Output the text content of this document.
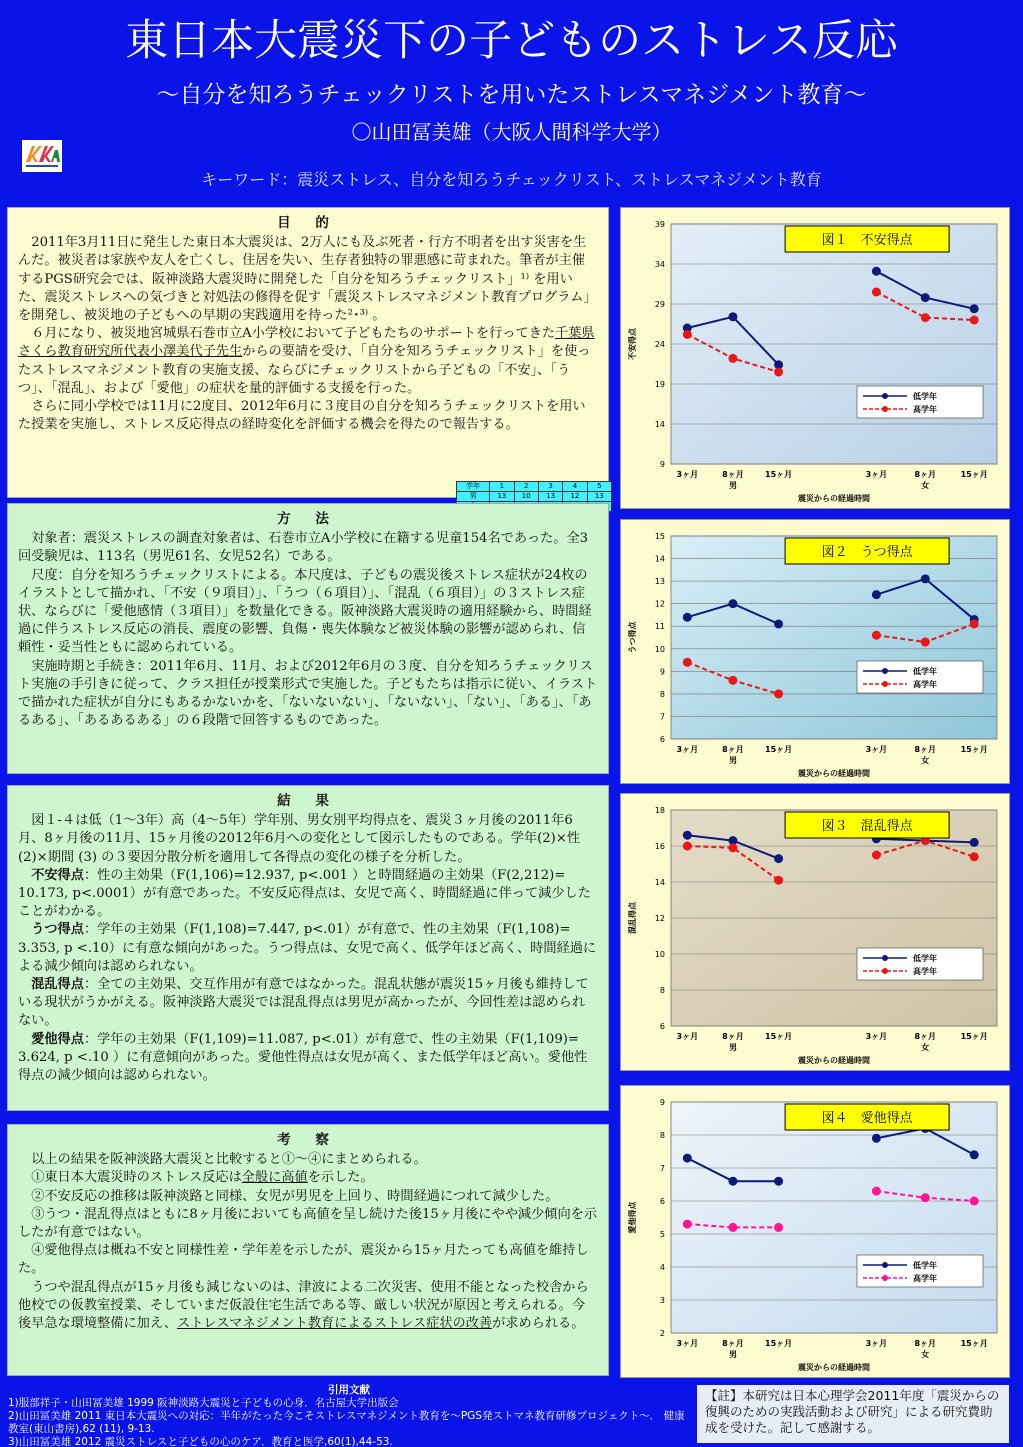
東日本大震災下の子どものストレス反応
～自分を知ろうチェックリストを用いたストレスマネジメント教育～
〇山田冨美雄（大阪人間科学大学）
キーワード：震災ストレス、自分を知ろうチェックリスト、ストレスマネジメント教育
目 的

2011年3月11日に発生した東日本大震災は、2万人にも及ぶ死者・行方不明者を出す災害を生んだ。被災者は家族や友人を亡くし、住居を失い、生存者独特の罪悪感に苛まれた。筆者が主催するPGS研究会では、阪神淡路大震災時に開発した「自分を知ろうチェックリスト」¹⁾ を用いた、震災ストレスへの気づきと対処法の修得を促す「震災ストレスマネジメント教育プログラム」を開発し、被災地の子どもへの早期の実践適用を待った²･³⁾ 。

６月になり、被災地宮城県石巻市立A小学校において子どもたちのサポートを行ってきた千葉県さくら教育研究所代表小澤美代子先生からの要請を受け、「自分を知ろうチェックリスト」を使ったストレスマネジメント教育の実施支援、ならびにチェックリストから子どもの「不安」、「うつ」、「混乱」、および「愛他」の症状を量的評価する支援を行った。

さらに同小学校では11月に2度目、2012年6月に３度目の自分を知ろうチェックリストを用いた授業を実施し、ストレス反応得点の経時変化を評価する機会を得たので報告する。

学年	1	2	3	4	5
男	13	10	13	12	13

方 法

対象者：震災ストレスの調査対象者は、石巻市立A小学校に在籍する児童154名であった。全3回受験児は、113名（男児61名、女児52名）である。

尺度：自分を知ろうチェックリストによる。本尺度は、子どもの震災後ストレス症状が24枚のイラストとして描かれ、「不安（９項目）」、「うつ（６項目）」、「混乱（６項目）」の３ストレス症状、ならびに「愛他感情（３項目）」を数量化できる。阪神淡路大震災時の適用経験から、時間経過に伴うストレス反応の消長、震度の影響、負傷・喪失体験など被災体験の影響が認められ、信頼性・妥当性ともに認められている。

実施時期と手続き：2011年6月、11月、および2012年6月の３度、自分を知ろうチェックリスト実施の手引きに従って、クラス担任が授業形式で実施した。子どもたちは指示に従い、イラストで描かれた症状が自分にもあるかないかを、「ないないない」、「ないない」、「ない」、「ある」、「あるある」、「あるあるある」の６段階で回答するものであった。

結 果

図１-４は低（1～3年）高（4～5年）学年別、男女別平均得点を、震災３ヶ月後の2011年6月、8ヶ月後の11月、15ヶ月後の2012年6月への変化として図示したものである。学年(2)×性(2)×期間 (3) の３要因分散分析を適用して各得点の変化の様子を分析した。

不安得点：性の主効果（F(1,106)=12.937, p<.001 ）と時間経過の主効果（F(2,212)= 10.173, p<.0001）が有意であった。不安反応得点は、女児で高く、時間経過に伴って減少したことがわかる。

うつ得点：学年の主効果（F(1,108)=7.447, p<.01）が有意で、性の主効果（F(1,108)= 3.353, p <.10）に有意な傾向があった。うつ得点は、女児で高く、低学年ほど高く、時間経過による減少傾向は認められない。

混乱得点：全ての主効果、交互作用が有意ではなかった。混乱状態が震災15ヶ月後も維持している現状がうかがえる。阪神淡路大震災では混乱得点は男児が高かったが、今回性差は認められない。

愛他得点：学年の主効果（F(1,109)=11.087, p<.01）が有意で、性の主効果（F(1,109)= 3.624, p <.10 ）に有意傾向があった。愛他性得点は女児が高く、また低学年ほど高い。愛他性得点の減少傾向は認められない。

考 察

以上の結果を阪神淡路大震災と比較すると①～④にまとめられる。

①東日本大震災時のストレス反応は全般に高値を示した。

②不安反応の推移は阪神淡路と同様、女児が男児を上回り、時間経過につれて減少した。

③うつ・混乱得点はともに8ヶ月後においても高値を呈し続けた後15ヶ月後にやや減少傾向を示したが有意ではない。

④愛他得点は概ね不安と同様性差・学年差を示したが、震災から15ヶ月たっても高値を維持した。

うつや混乱得点が15ヶ月後も減じないのは、津波による二次災害、使用不能となった校舎から他校での仮教室授業、そしていまだ仮設住宅生活である等、厳しい状況が原因と考えられる。今後早急な環境整備に加え、ストレスマネジメント教育によるストレス症状の改善が求められる。

9
14
19
24
29
34
39
不安得点
3ヶ月	8ヶ月	15ヶ月
男
3ヶ月	8ヶ月	15ヶ月
女
震災からの経過時間
図１　不安得点
低学年
高学年
6
7
8
9
10
11
12
13
14
15
うつ得点
3ヶ月	8ヶ月	15ヶ月
男
3ヶ月	8ヶ月	15ヶ月
女
震災からの経過時間
図２　うつ得点
低学年
高学年
6
8
10
12
14
16
18
混乱得点
3ヶ月	8ヶ月	15ヶ月
男
3ヶ月	8ヶ月	15ヶ月
女
震災からの経過時間
図３　混乱得点
低学年
高学年
2
3
4
5
6
7
8
9
愛他得点
3ヶ月	8ヶ月	15ヶ月
男
3ヶ月	8ヶ月	15ヶ月
女
震災からの経過時間
図４　愛他得点
低学年
高学年
引用文献
1)服部祥子・山田冨美雄 1999 阪神淡路大震災と子どもの心身．名古屋大学出版会
2)山田冨美雄 2011 東日本大震災への対応：半年がたった今こそストレスマネジメント教育を～PGS発ストマネ教育研修プロジェクト～． 健康教室(東山書房),62 (11), 9-13.
3)山田冨美雄 2012 震災ストレスと子どもの心のケア．教育と医学,60(1),44-53.
【註】本研究は日本心理学会2011年度「震災からの復興のための実践活動および研究」による研究費助成を受けた。記して感謝する。
